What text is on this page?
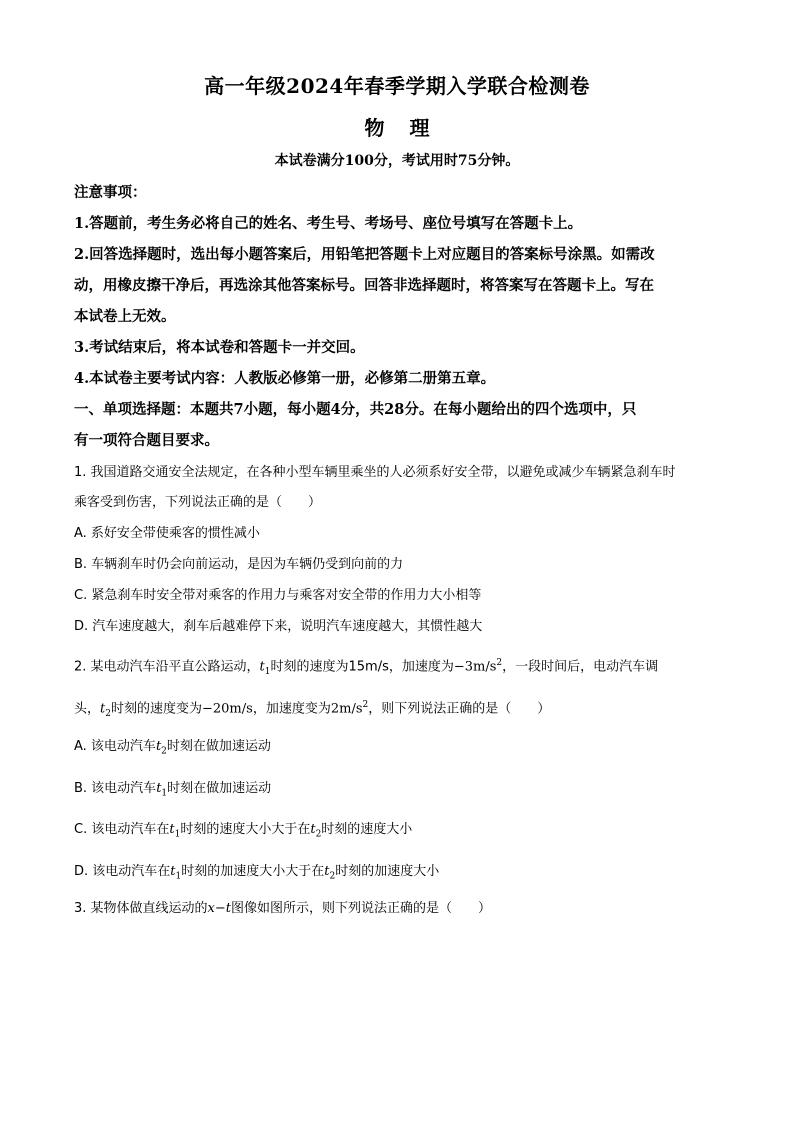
高一年级2024年春季学期入学联合检测卷
物 理
本试卷满分100分，考试用时75分钟。
注意事项：
1.答题前，考生务必将自己的姓名、考生号、考场号、座位号填写在答题卡上。
2.回答选择题时，选出每小题答案后，用铅笔把答题卡上对应题目的答案标号涂黑。如需改
动，用橡皮擦干净后，再选涂其他答案标号。回答非选择题时，将答案写在答题卡上。写在
本试卷上无效。
3.考试结束后，将本试卷和答题卡一并交回。
4.本试卷主要考试内容：人教版必修第一册，必修第二册第五章。
一、单项选择题：本题共7小题，每小题4分，共28分。在每小题给出的四个选项中，只
有一项符合题目要求。
1. 我国道路交通安全法规定，在各种小型车辆里乘坐的人必须系好安全带，以避免或减少车辆紧急刹车时
乘客受到伤害，下列说法正确的是（　　）
A. 系好安全带使乘客的惯性减小
B. 车辆刹车时仍会向前运动，是因为车辆仍受到向前的力
C. 紧急刹车时安全带对乘客的作用力与乘客对安全带的作用力大小相等
D. 汽车速度越大，刹车后越难停下来，说明汽车速度越大，其惯性越大
2. 某电动汽车沿平直公路运动，$t_1$时刻的速度为15m/s，加速度为$-3m/s^2$，一段时间后，电动汽车调
头，$t_2$时刻的速度变为−20m/s，加速度变为$2m/s^2$，则下列说法正确的是（　　）
A. 该电动汽车$t_2$时刻在做加速运动
B. 该电动汽车$t_1$时刻在做加速运动
C. 该电动汽车在$t_1$时刻的速度大小大于在$t_2$时刻的速度大小
D. 该电动汽车在$t_1$时刻的加速度大小大于在$t_2$时刻的加速度大小
3. 某物体做直线运动的x−t图像如图所示，则下列说法正确的是（　　）
